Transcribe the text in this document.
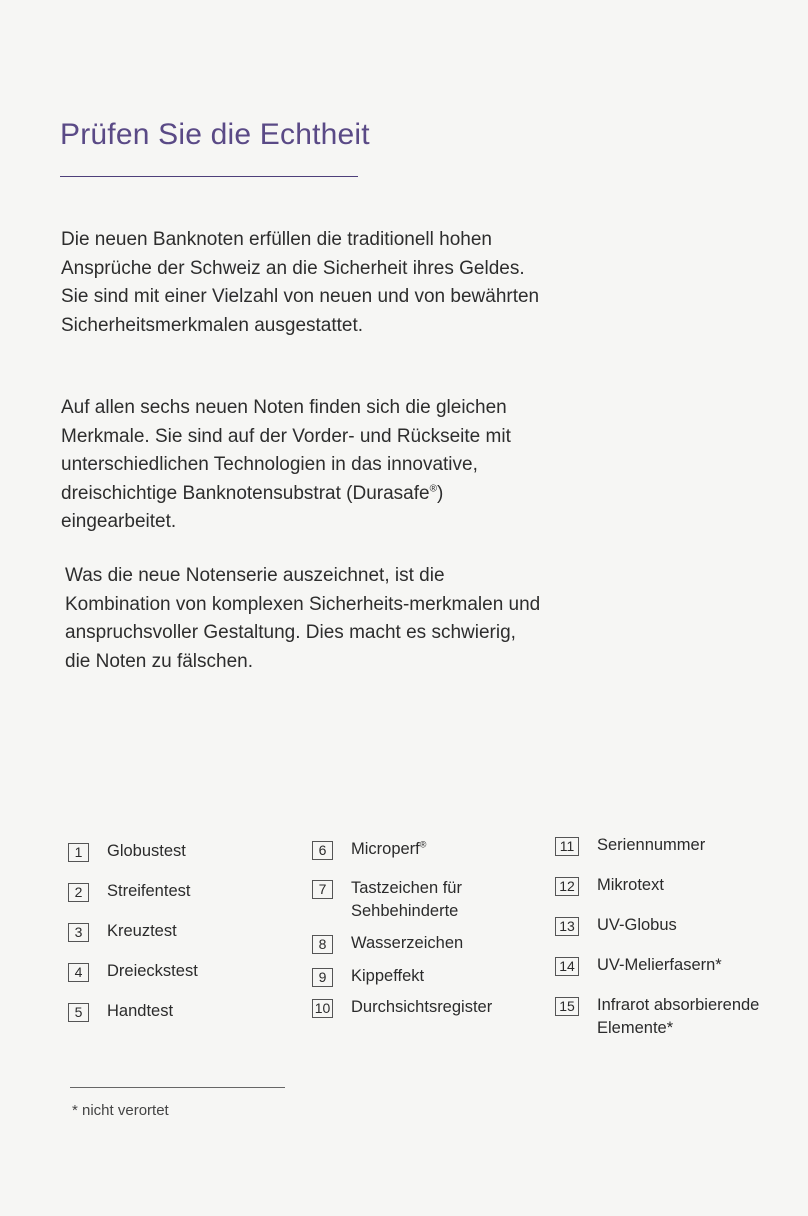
Prüfen Sie die Echtheit

Die neuen Banknoten erfüllen die traditionell hohen Ansprüche der Schweiz an die Sicherheit ihres Geldes. Sie sind mit einer Vielzahl von neuen und von bewährten Sicherheitsmerkmalen ausgestattet.

Auf allen sechs neuen Noten finden sich die gleichen Merkmale. Sie sind auf der Vorder- und Rückseite mit unterschiedlichen Technologien in das innovative, dreischichtige Banknotensubstrat (Durasafe®) eingearbeitet.

Was die neue Notenserie auszeichnet, ist die Kombination von komplexen Sicherheits-merkmalen und anspruchsvoller Gestaltung. Dies macht es schwierig, die Noten zu fälschen.

1	Globustest
2	Streifentest
3	Kreuztest
4	Dreieckstest
5	Handtest
6	Microperf®
7	Tastzeichen für Sehbehinderte
8	Wasserzeichen
9	Kippeffekt
10 Durchsichtsregister
11 Seriennummer
12 Mikrotext
13 UV-Globus
14 UV-Melierfasern*
15 Infrarot absorbierende Elemente*
* nicht verortet
